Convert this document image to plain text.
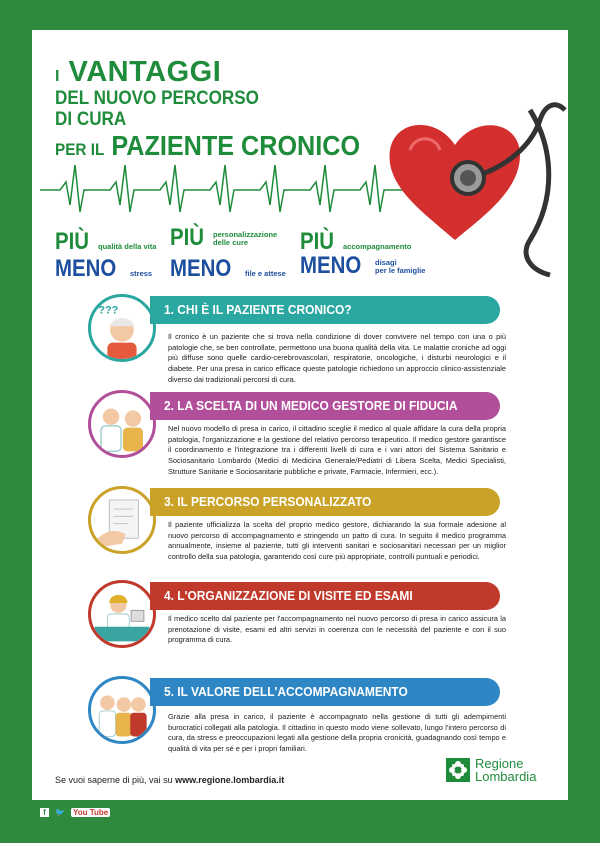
I VANTAGGI
DEL NUOVO PERCORSO
DI CURA
PER IL PAZIENTE CRONICO
PIÙ qualità della vita PIÙ personalizzazione
delle cure	PIÙ accompagnamento
MENO stress MENO file e attese MENO disagi
per le famiglie
???	1. CHI È IL PAZIENTE CRONICO?
Il cronico è un paziente che si trova nella condizione di dover convivere nel tempo con una o più patologie che, se ben controllate, permettono una buona qualità della vita. Le malattie croniche ad oggi più diffuse sono quelle cardio-cerebrovascolari, respiratorie, oncologiche, i disturbi neurologici e il diabete. Per una presa in carico efficace queste patologie richiedono un approccio clinico-assistenziale diverso dai tradizionali percorsi di cura.
2. LA SCELTA DI UN MEDICO GESTORE DI FIDUCIA
Nel nuovo modello di presa in carico, il cittadino sceglie il medico al quale affidare la cura della propria patologia, l'organizzazione e la gestione del relativo percorso terapeutico. Il medico gestore garantisce il coordinamento e l'integrazione tra i differenti livelli di cura e i vari attori del Sistema Sanitario e Sociosanitario Lombardo (Medici di Medicina Generale/Pediatri di Libera Scelta, Medici Specialisti, Strutture Sanitarie e Sociosanitarie pubbliche e private, Farmacie, Infermieri, ecc.).
3. IL PERCORSO PERSONALIZZATO
Il paziente ufficializza la scelta del proprio medico gestore, dichiarando la sua formale adesione al nuovo percorso di accompagnamento e stringendo un patto di cura. In seguito il medico programma annualmente, insieme al paziente, tutti gli interventi sanitari e sociosanitari necessari per un miglior controllo della sua patologia, garantendo così cure più appropriate, controlli puntuali e periodici.
4. L'ORGANIZZAZIONE DI VISITE ED ESAMI
Il medico scelto dal paziente per l'accompagnamento nel nuovo percorso di presa in carico assicura la prenotazione di visite, esami ed altri servizi in coerenza con le necessità del paziente e con il suo programma di cura.
5. IL VALORE DELL'ACCOMPAGNAMENTO
Grazie alla presa in carico, il paziente è accompagnato nella gestione di tutti gli adempimenti burocratici collegati alla patologia. Il cittadino in questo modo viene sollevato, lungo l'intero percorso di cura, da stress e preoccupazioni legati alla gestione della propria cronicità, guadagnando così tempo e qualità di vita per sé e per i propri familiari.
Se vuoi saperne di più, vai su www.regione.lombardia.it
Regione
Lombardia
f	🐦 You Tube
